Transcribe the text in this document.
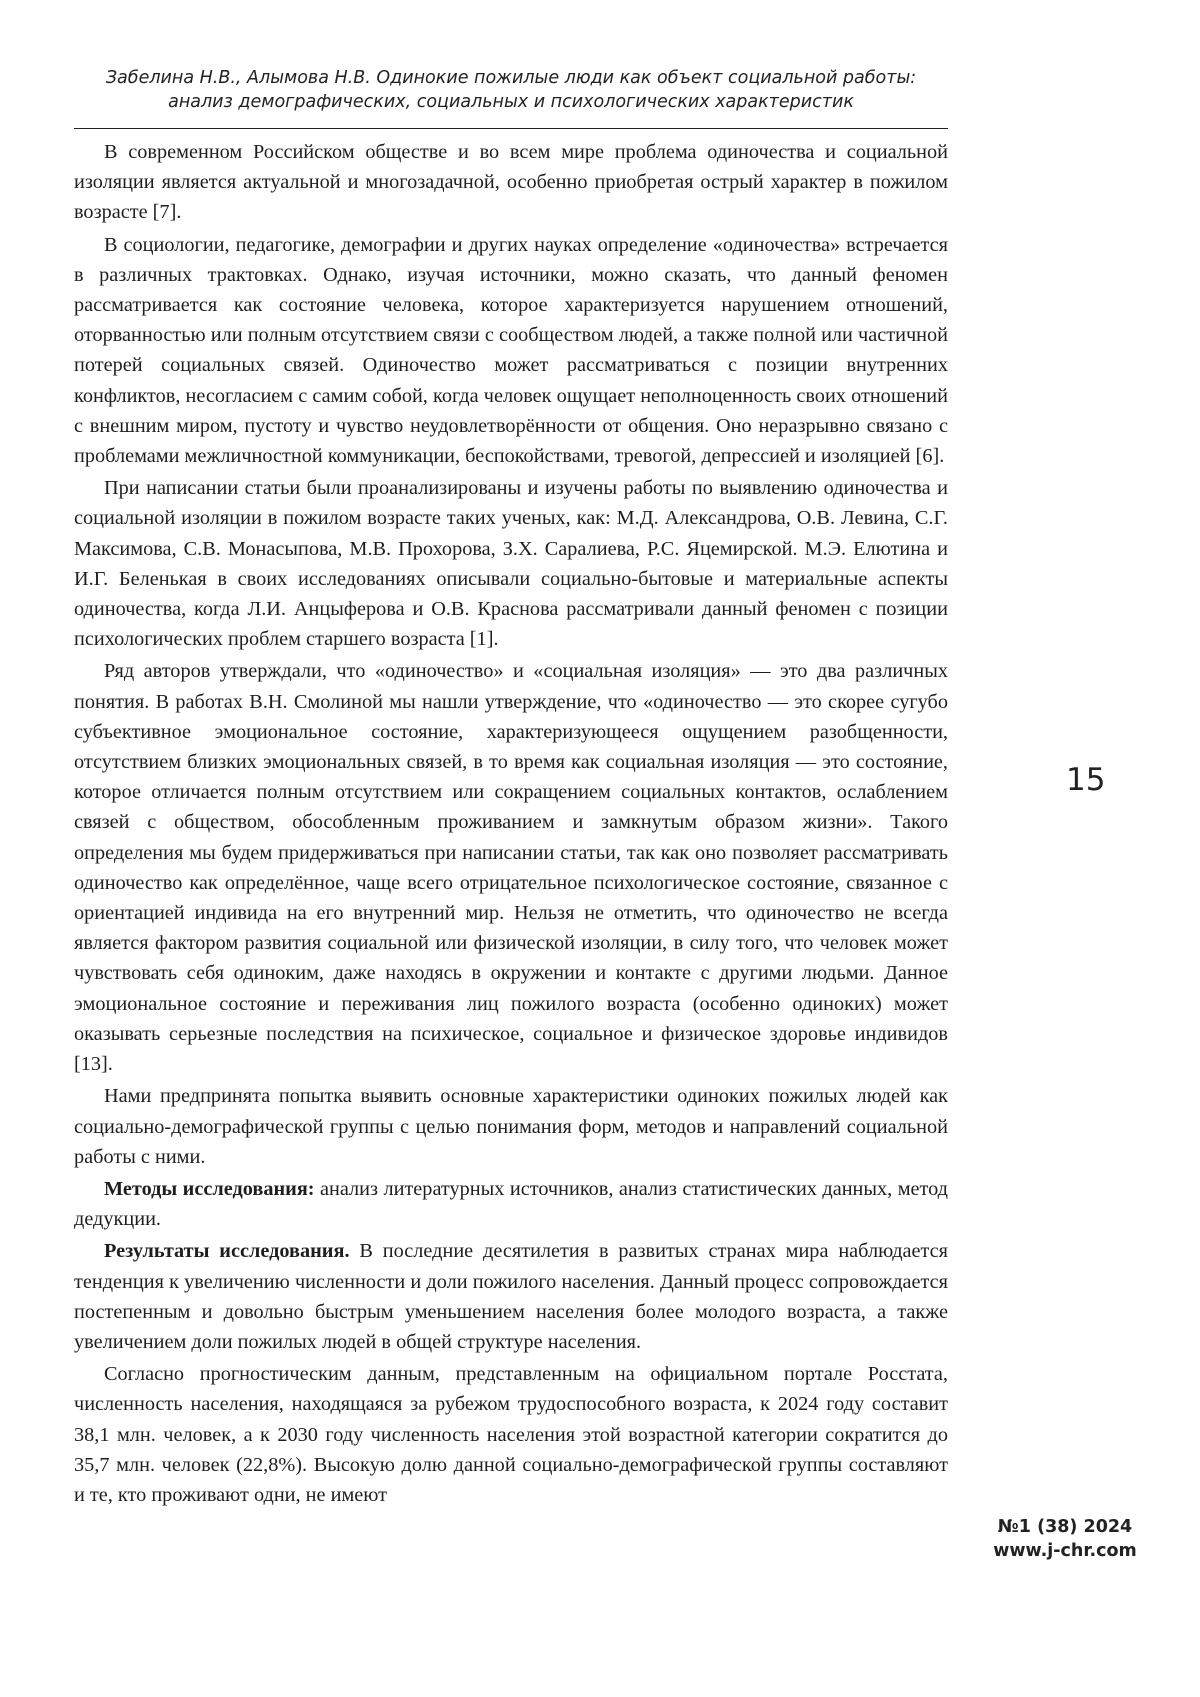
Забелина Н.В., Алымова Н.В. Одинокие пожилые люди как объект социальной работы:
анализ демографических, социальных и психологических характеристик

В современном Российском обществе и во всем мире проблема одиночества и социальной изоляции является актуальной и многозадачной, особенно приобретая острый характер в пожилом возрасте [7].

В социологии, педагогике, демографии и других науках определение «одиночества» встречается в различных трактовках. Однако, изучая источники, можно сказать, что данный феномен рассматривается как состояние человека, которое характеризуется нарушением отношений, оторванностью или полным отсутствием связи с сообществом людей, а также полной или частичной потерей социальных связей. Одиночество может рассматриваться с позиции внутренних конфликтов, несогласием с самим собой, когда человек ощущает неполноценность своих отношений с внешним миром, пустоту и чувство неудовлетворённости от общения. Оно неразрывно связано с проблемами межличностной коммуникации, беспокойствами, тревогой, депрессией и изоляцией [6].

При написании статьи были проанализированы и изучены работы по выявлению одиночества и социальной изоляции в пожилом возрасте таких ученых, как: М.Д. Александрова, О.В. Левина, С.Г. Максимова, С.В. Монасыпова, М.В. Прохорова, З.Х. Саралиева, Р.С. Яцемирской. М.Э. Елютина и И.Г. Беленькая в своих исследованиях описывали социально-бытовые и материальные аспекты одиночества, когда Л.И. Анцыферова и О.В. Краснова рассматривали данный феномен с позиции психологических проблем старшего возраста [1].

Ряд авторов утверждали, что «одиночество» и «социальная изоляция» — это два различных понятия. В работах В.Н. Смолиной мы нашли утверждение, что «одиночество — это скорее сугубо субъективное эмоциональное состояние, характеризующееся ощущением разобщенности, отсутствием близких эмоциональных связей, в то время как социальная изоляция — это состояние, которое отличается полным отсутствием или сокращением социальных контактов, ослаблением связей с обществом, обособленным проживанием и замкнутым образом жизни». Такого определения мы будем придерживаться при написании статьи, так как оно позволяет рассматривать одиночество как определённое, чаще всего отрицательное психологическое состояние, связанное с ориентацией индивида на его внутренний мир. Нельзя не отметить, что одиночество не всегда является фактором развития социальной или физической изоляции, в силу того, что человек может чувствовать себя одиноким, даже находясь в окружении и контакте с другими людьми. Данное эмоциональное состояние и переживания лиц пожилого возраста (особенно одиноких) может оказывать серьезные последствия на психическое, социальное и физическое здоровье индивидов [13].

Нами предпринята попытка выявить основные характеристики одиноких пожилых людей как социально-демографической группы с целью понимания форм, методов и направлений социальной работы с ними.

Методы исследования: анализ литературных источников, анализ статистических данных, метод дедукции.

Результаты исследования. В последние десятилетия в развитых странах мира наблюдается тенденция к увеличению численности и доли пожилого населения. Данный процесс сопровождается постепенным и довольно быстрым уменьшением населения более молодого возраста, а также увеличением доли пожилых людей в общей структуре населения.

Согласно прогностическим данным, представленным на официальном портале Росстата, численность населения, находящаяся за рубежом трудоспособного возраста, к 2024 году составит 38,1 млн. человек, а к 2030 году численность населения этой возрастной категории сократится до 35,7 млн. человек (22,8%). Высокую долю данной социально-демографической группы составляют и те, кто проживают одни, не имеют

15
№1 (38) 2024
www.j-chr.com
